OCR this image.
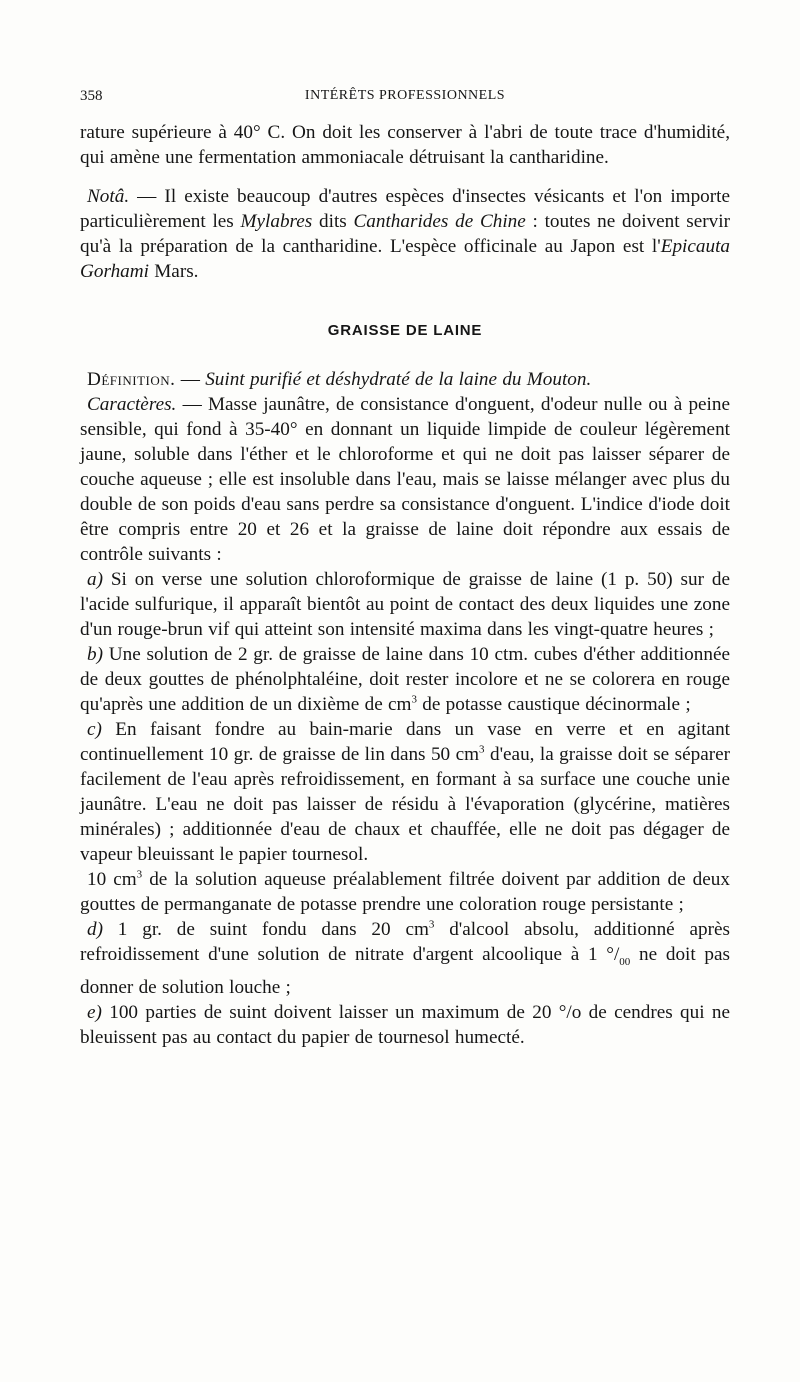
358	INTÉRÊTS PROFESSIONNELS

rature supérieure à 40° C. On doit les conserver à l'abri de toute trace d'humidité, qui amène une fermentation ammoniacale détruisant la cantharidine.

Notâ. — Il existe beaucoup d'autres espèces d'insectes vésicants et l'on importe particulièrement les Mylabres dits Cantharides de Chine : toutes ne doivent servir qu'à la préparation de la cantharidine. L'espèce officinale au Japon est l'Epicauta Gorhami Mars.

GRAISSE DE LAINE

Définition. — Suint purifié et déshydraté de la laine du Mouton.

Caractères. — Masse jaunâtre, de consistance d'onguent, d'odeur nulle ou à peine sensible, qui fond à 35-40° en donnant un liquide limpide de couleur légèrement jaune, soluble dans l'éther et le chloroforme et qui ne doit pas laisser séparer de couche aqueuse ; elle est insoluble dans l'eau, mais se laisse mélanger avec plus du double de son poids d'eau sans perdre sa consistance d'onguent. L'indice d'iode doit être compris entre 20 et 26 et la graisse de laine doit répondre aux essais de contrôle suivants :

a) Si on verse une solution chloroformique de graisse de laine (1 p. 50) sur de l'acide sulfurique, il apparaît bientôt au point de contact des deux liquides une zone d'un rouge-brun vif qui atteint son intensité maxima dans les vingt-quatre heures ;

b) Une solution de 2 gr. de graisse de laine dans 10 ctm. cubes d'éther additionnée de deux gouttes de phénolphtaléine, doit rester incolore et ne se colorera en rouge qu'après une addition de un dixième de $cm^3$ de potasse caustique décinormale ;

c) En faisant fondre au bain-marie dans un vase en verre et en agitant continuellement 10 gr. de graisse de lin dans 50 $cm^3$ d'eau, la graisse doit se séparer facilement de l'eau après refroidissement, en formant à sa surface une couche unie jaunâtre. L'eau ne doit pas laisser de résidu à l'évaporation (glycérine, matières minérales) ; additionnée d'eau de chaux et chauffée, elle ne doit pas dégager de vapeur bleuissant le papier tournesol.

10 $cm^3$ de la solution aqueuse préalablement filtrée doivent par addition de deux gouttes de permanganate de potasse prendre une coloration rouge persistante ;

d) 1 gr. de suint fondu dans 20 $cm^3$ d'alcool absolu, additionné après refroidissement d'une solution de nitrate d'argent alcoolique à 1 $^\circ/_{00}$ ne doit pas donner de solution louche ;

e) 100 parties de suint doivent laisser un maximum de 20 °/o de cendres qui ne bleuissent pas au contact du papier de tournesol humecté.
